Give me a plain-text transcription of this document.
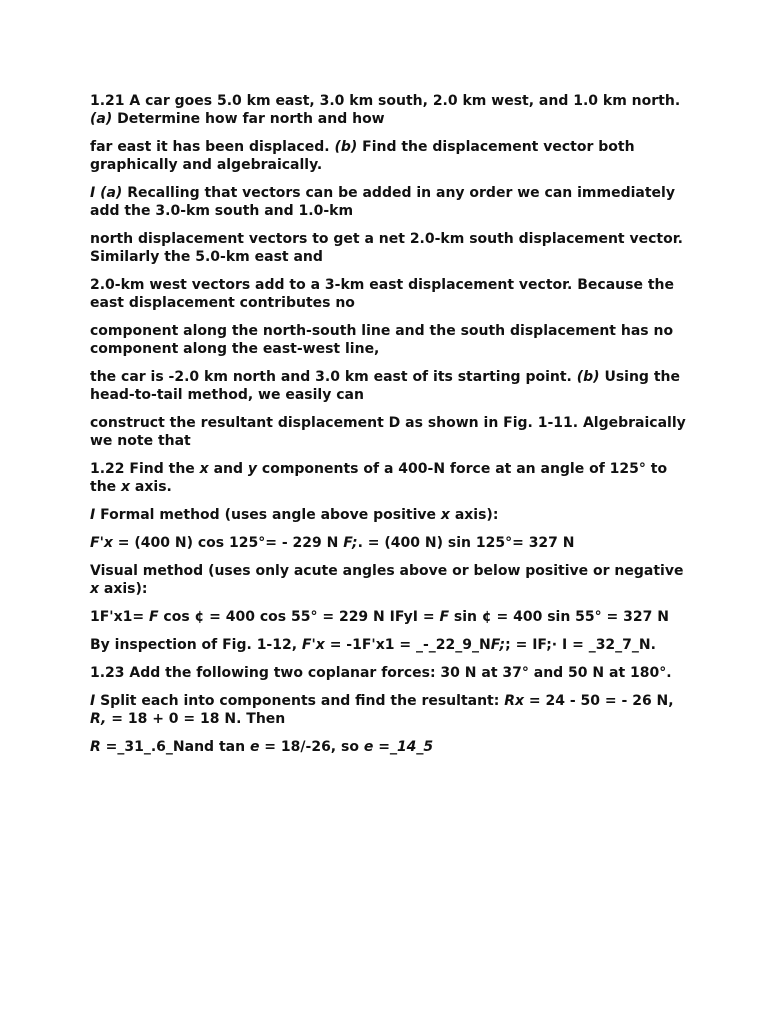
1.21 A car goes 5.0 km east, 3.0 km south, 2.0 km west, and 1.0 km north. (a) Determine how far north and how
far east it has been displaced. (b) Find the displacement vector both graphically and algebraically.
I (a) Recalling that vectors can be added in any order we can immediately add the 3.0-km south and 1.0-km
north displacement vectors to get a net 2.0-km south displacement vector. Similarly the 5.0-km east and
2.0-km west vectors add to a 3-km east displacement vector. Because the east displacement contributes no
component along the north-south line and the south displacement has no component along the east-west line,
the car is -2.0 km north and 3.0 km east of its starting point. (b) Using the head-to-tail method, we easily can
construct the resultant displacement D as shown in Fig. 1-11. Algebraically we note that
1.22 Find the x and y components of a 400-N force at an angle of 125° to the x axis.
I Formal method (uses angle above positive x axis):
F'x = (400 N) cos 125°= - 229 N F;. = (400 N) sin 125°= 327 N
Visual method (uses only acute angles above or below positive or negative x axis):
1F'x1= F cos ¢ = 400 cos 55° = 229 N IFyI = F sin ¢ = 400 sin 55° = 327 N
By inspection of Fig. 1-12, F'x = -1F'x1 = _-_22_9_NF;; = IF;· I = _32_7_N.
1.23 Add the following two coplanar forces: 30 N at 37° and 50 N at 180°.
I Split each into components and find the resultant: Rx = 24 - 50 = - 26 N, R, = 18 + 0 = 18 N. Then
R =_31_.6_Nand tan e = 18/-26, so e =_14_5
